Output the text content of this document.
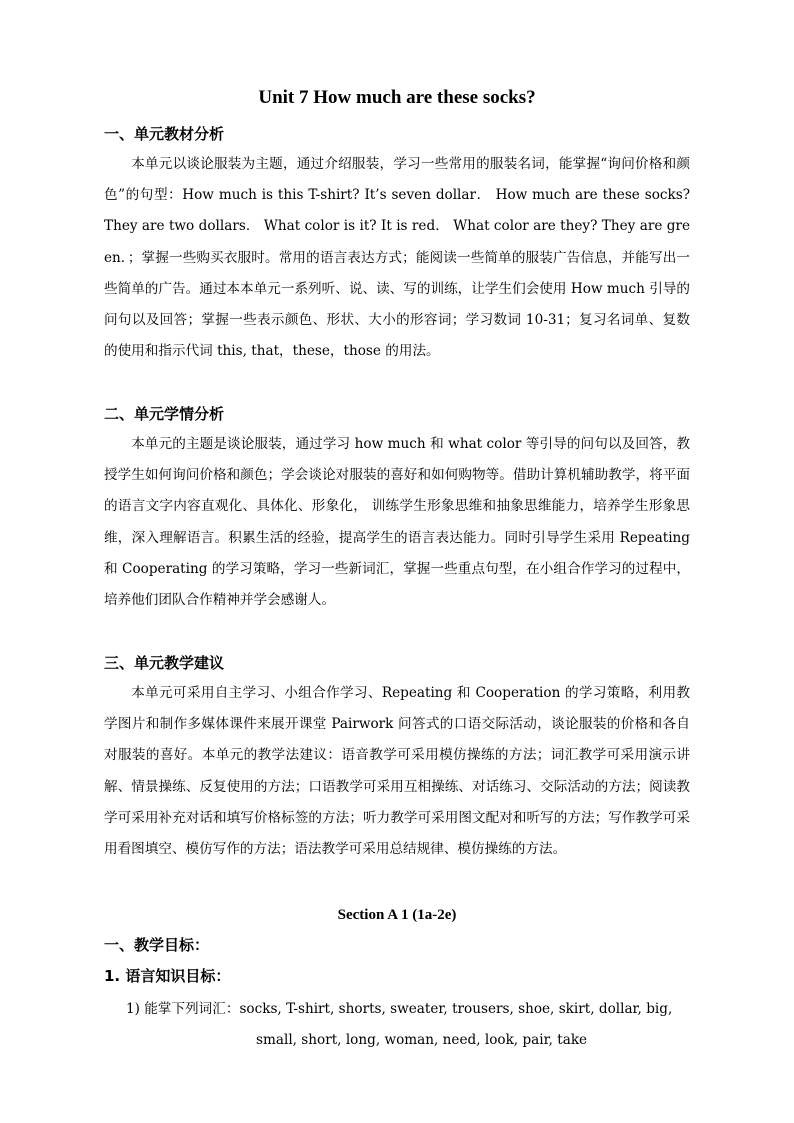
Unit 7 How much are these socks?
一、单元教材分析
本单元以谈论服装为主题，通过介绍服装，学习一些常用的服装名词，能掌握“询问价格和颜色”的句型：How much is this T-shirt? It’s seven dollar． How much are these socks? They are two dollars． What color is it? It is red． What color are they? They are green．；掌握一些购买衣服时。常用的语言表达方式；能阅读一些简单的服装广告信息，并能写出一些简单的广告。通过本本单元一系列听、说、读、写的训练，让学生们会使用 How much 引导的问句以及回答；掌握一些表示颜色、形状、大小的形容词；学习数词 10-31；复习名词单、复数的使用和指示代词 this, that，these，those 的用法。
二、单元学情分析
本单元的主题是谈论服装，通过学习 how much 和 what color 等引导的问句以及回答，教授学生如何询问价格和颜色；学会谈论对服装的喜好和如何购物等。借助计算机辅助教学，将平面的语言文字内容直观化、具体化、形象化， 训练学生形象思维和抽象思维能力，培养学生形象思维，深入理解语言。积累生活的经验，提高学生的语言表达能力。同时引导学生采用 Repeating 和 Cooperating 的学习策略，学习一些新词汇，掌握一些重点句型，在小组合作学习的过程中，培养他们团队合作精神并学会感谢人。
三、单元教学建议
本单元可采用自主学习、小组合作学习、Repeating 和 Cooperation 的学习策略，利用教学图片和制作多媒体课件来展开课堂 Pairwork 问答式的口语交际活动，谈论服装的价格和各自对服装的喜好。本单元的教学法建议：语音教学可采用模仿操练的方法；词汇教学可采用演示讲解、情景操练、反复使用的方法；口语教学可采用互相操练、对话练习、交际活动的方法；阅读教学可采用补充对话和填写价格标签的方法；听力教学可采用图文配对和听写的方法；写作教学可采用看图填空、模仿写作的方法；语法教学可采用总结规律、模仿操练的方法。
Section A 1 (1a-2e)
一、教学目标：
1. 语言知识目标：
1) 能掌下列词汇：socks, T-shirt, shorts, sweater, trousers, shoe, skirt, dollar, big,
small, short, long, woman, need, look, pair, take
